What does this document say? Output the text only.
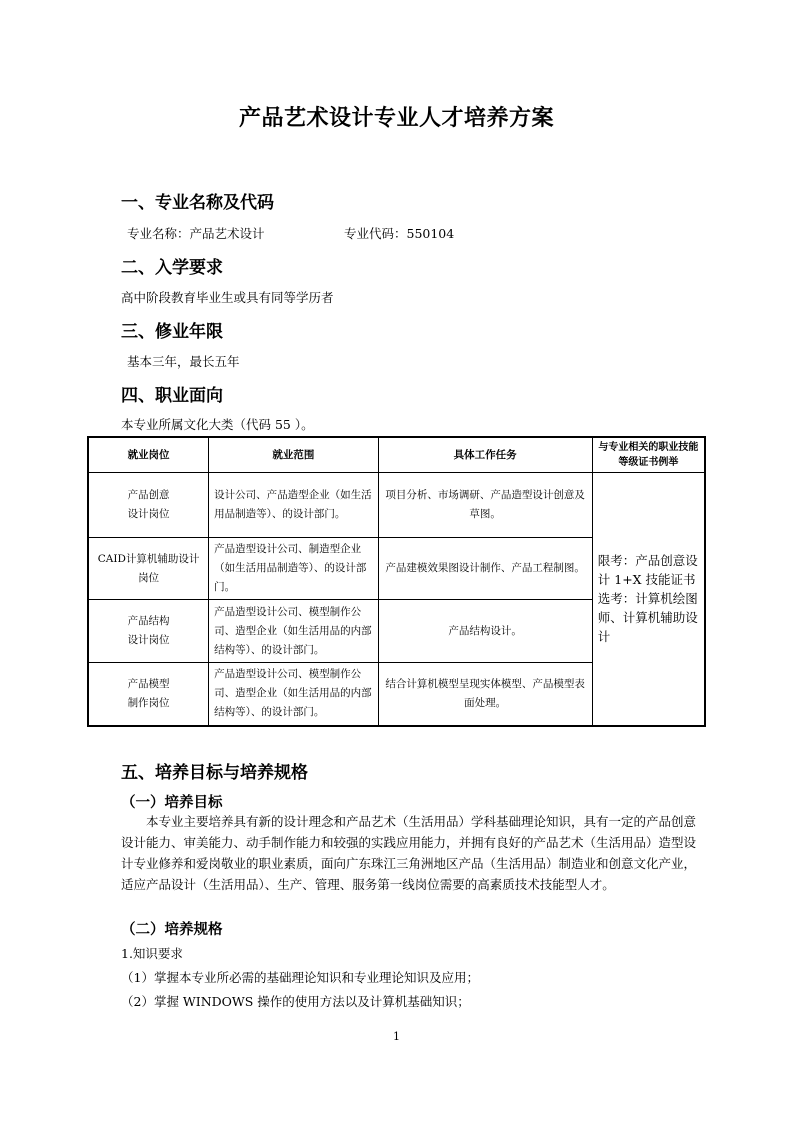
产品艺术设计专业人才培养方案
一、专业名称及代码
专业名称：产品艺术设计	专业代码：550104
二、入学要求
高中阶段教育毕业生或具有同等学历者
三、修业年限
基本三年，最长五年
四、职业面向
本专业所属文化大类（代码 55 ）。
就业岗位	就业范围	具体工作任务	与专业相关的职业技能等级证书例举
产品创意
设计岗位	设计公司、产品造型企业（如生活用品制造等）、的设计部门。	项目分析、市场调研、产品造型设计创意及草图。	限考：产品创意设计 1+X 技能证书
选考：计算机绘图师、计算机辅助设计
CAID计算机辅助设计岗位	产品造型设计公司、制造型企业（如生活用品制造等）、的设计部门。	产品建模效果图设计制作、产品工程制图。	
产品结构
设计岗位	产品造型设计公司、模型制作公司、造型企业（如生活用品的内部结构等）、的设计部门。	产品结构设计。	
产品模型
制作岗位	产品造型设计公司、模型制作公司、造型企业（如生活用品的内部结构等）、的设计部门。	结合计算机模型呈现实体模型、产品模型表面处理。	
五、培养目标与培养规格
（一）培养目标
本专业主要培养具有新的设计理念和产品艺术（生活用品）学科基础理论知识，具有一定的产品创意设计能力、审美能力、动手制作能力和较强的实践应用能力，并拥有良好的产品艺术（生活用品）造型设计专业修养和爱岗敬业的职业素质，面向广东珠江三角洲地区产品（生活用品）制造业和创意文化产业，适应产品设计（生活用品）、生产、管理、服务第一线岗位需要的高素质技术技能型人才。
（二）培养规格
1.知识要求
（1）掌握本专业所必需的基础理论知识和专业理论知识及应用；
（2）掌握 WINDOWS 操作的使用方法以及计算机基础知识；
1
